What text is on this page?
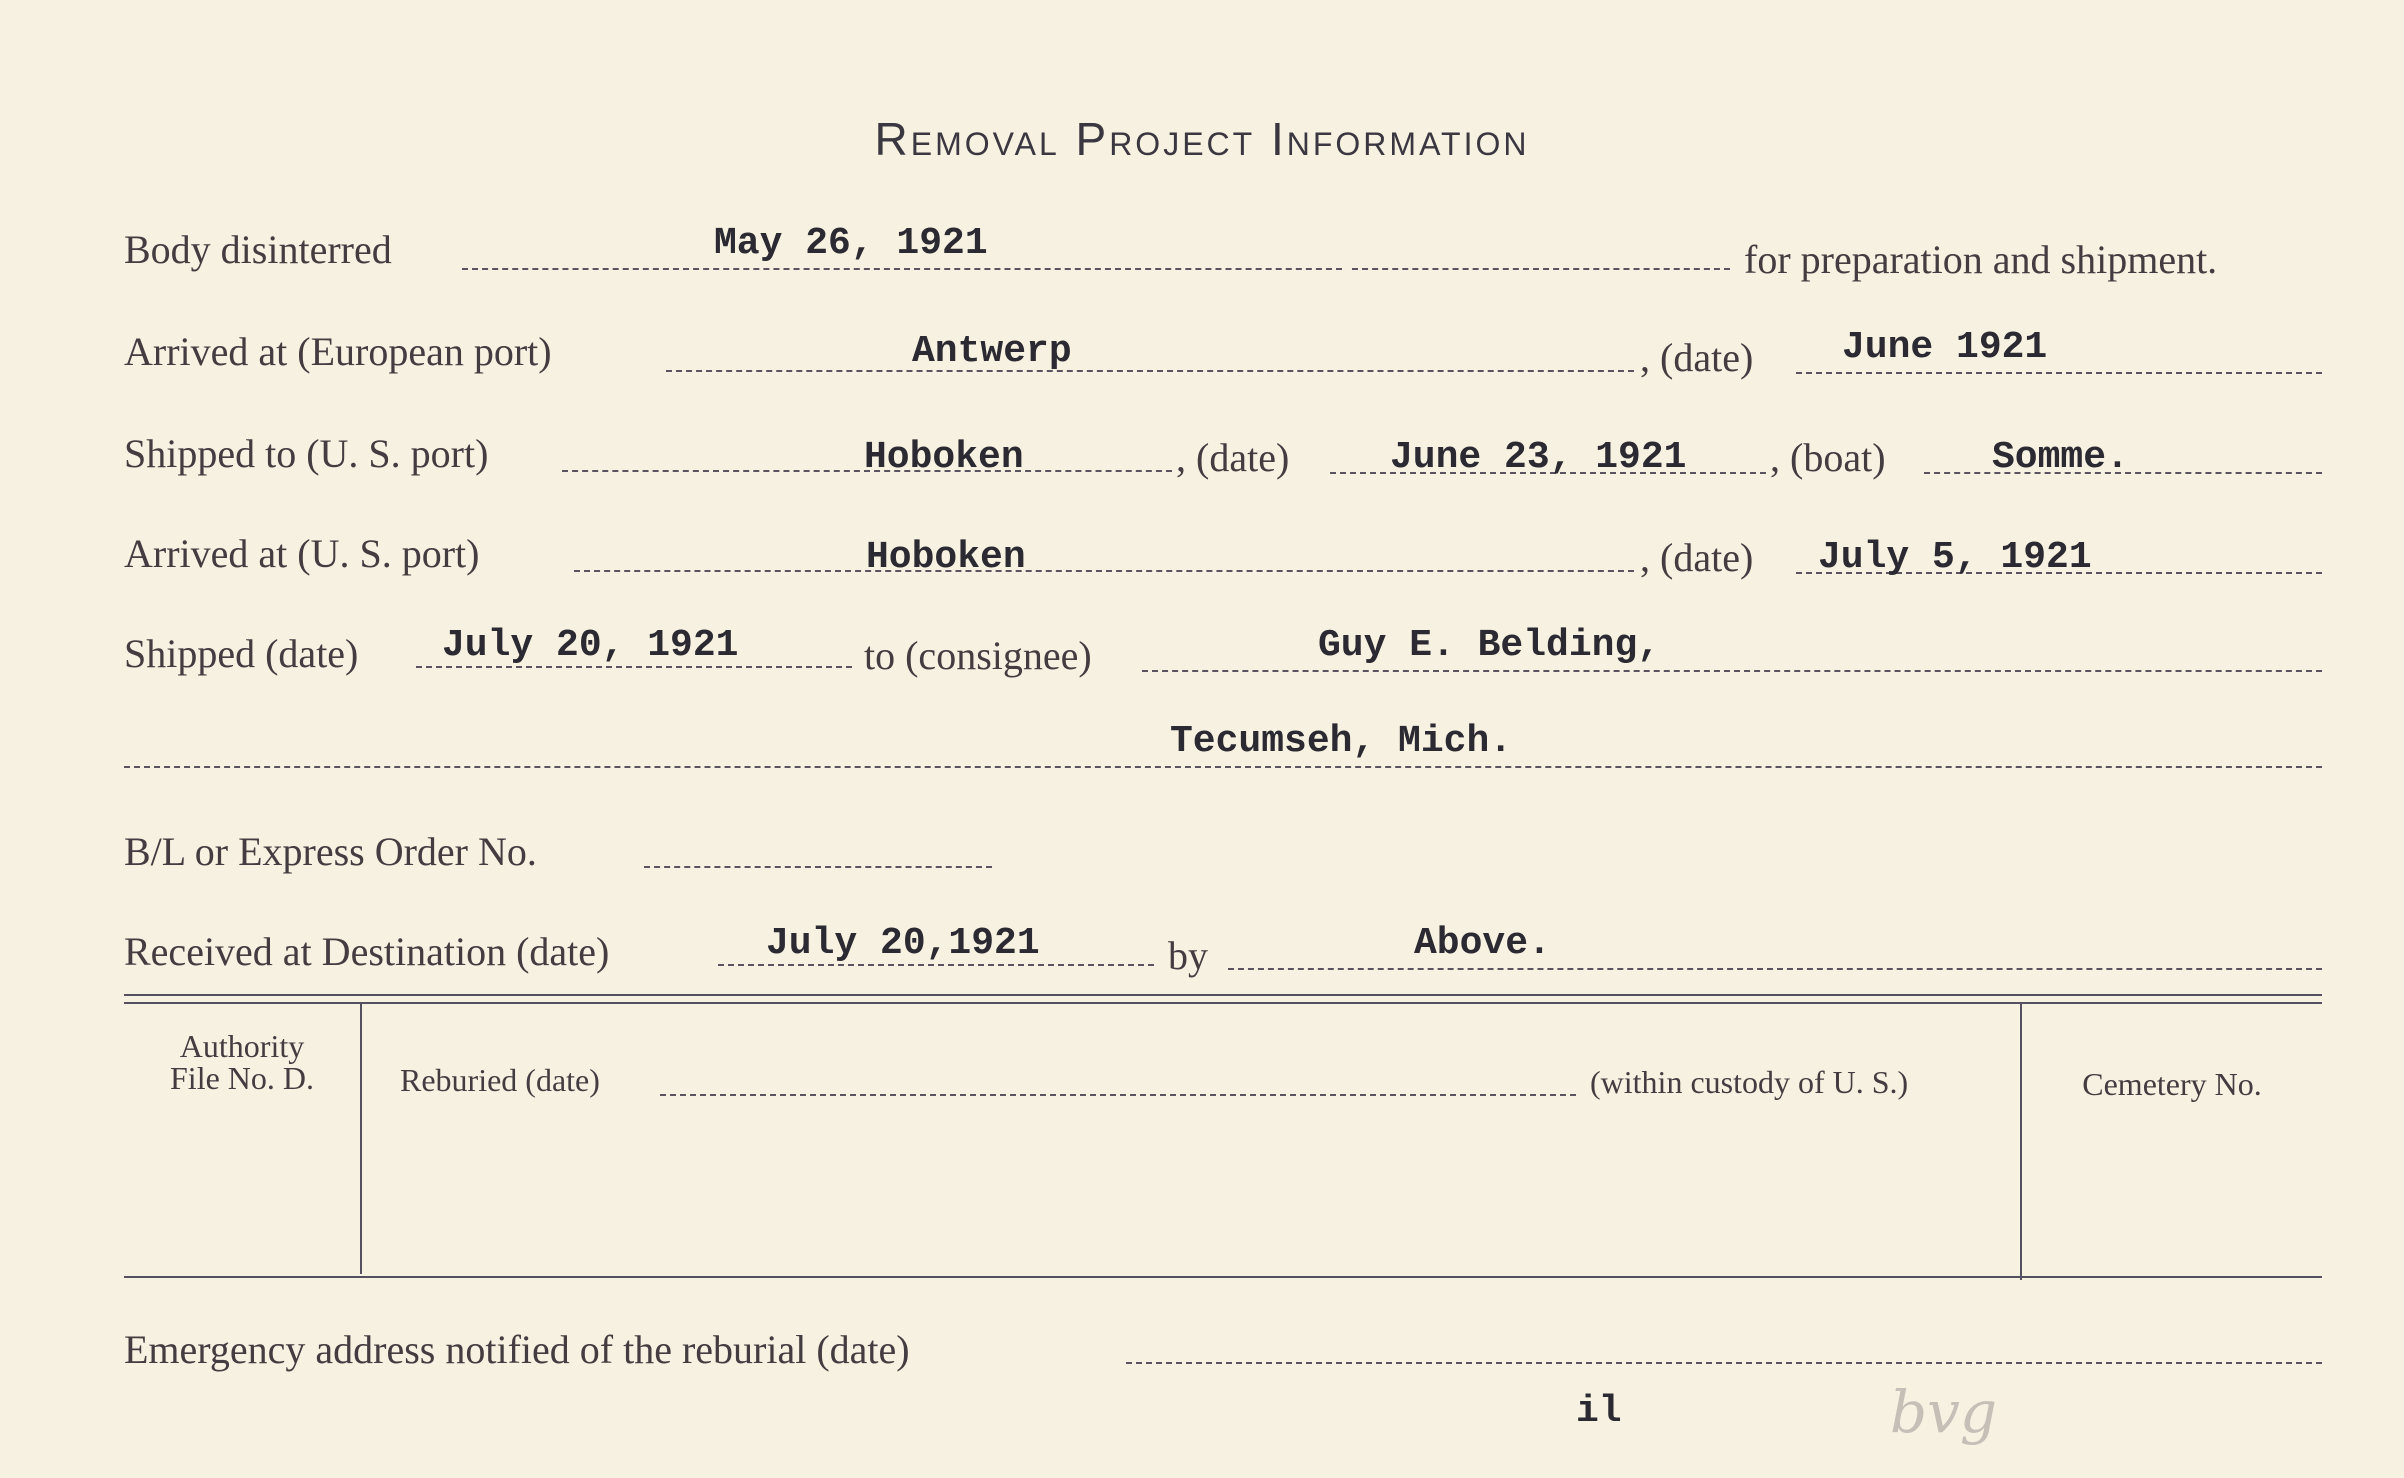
Removal Project Information
Body disinterred	May 26, 1921	for preparation and shipment.
Arrived at (European port)	Antwerp	, (date) June 1921
Shipped to (U. S. port)	Hoboken	, (date)	June 23, 1921 , (boat)	Somme.
Arrived at (U. S. port)	Hoboken	, (date) July 5, 1921
Shipped (date) July 20, 1921	to (consignee)	Guy E. Belding,
Tecumseh, Mich.
B/L or Express Order No.
Received at Destination (date)	July 20,1921	by	Above.
Authority
File No. D.	Reburied (date)	(within custody of U. S.)	Cemetery No.
Emergency address notified of the reburial (date)
il	bvg
